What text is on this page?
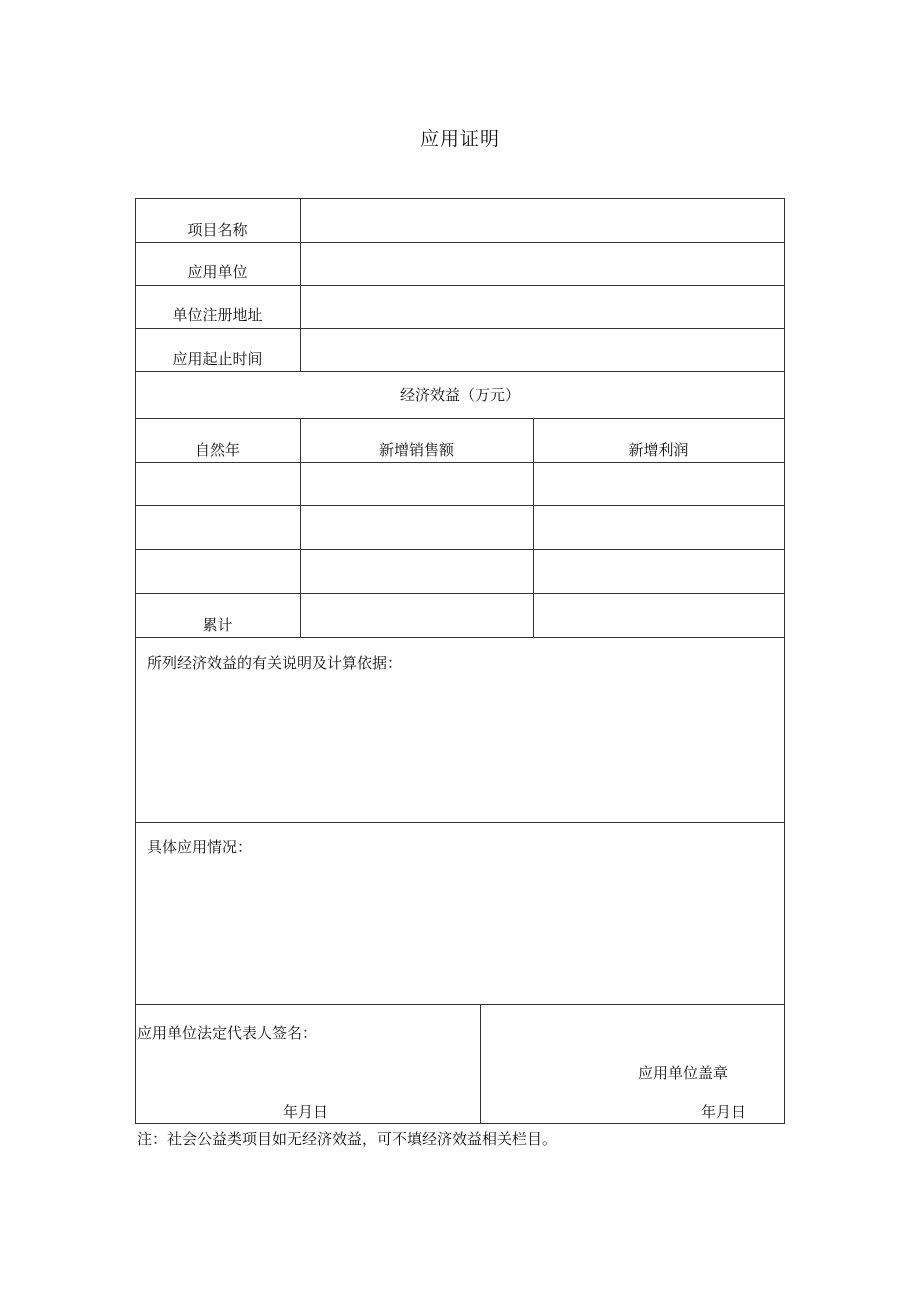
应用证明
项目名称
应用单位
单位注册地址
应用起止时间
经济效益（万元）
自然年	新增销售额	新增利润
累计
所列经济效益的有关说明及计算依据：
具体应用情况：
应用单位法定代表人签名：
年月日
应用单位盖章
年月日
注：社会公益类项目如无经济效益，可不填经济效益相关栏目。
